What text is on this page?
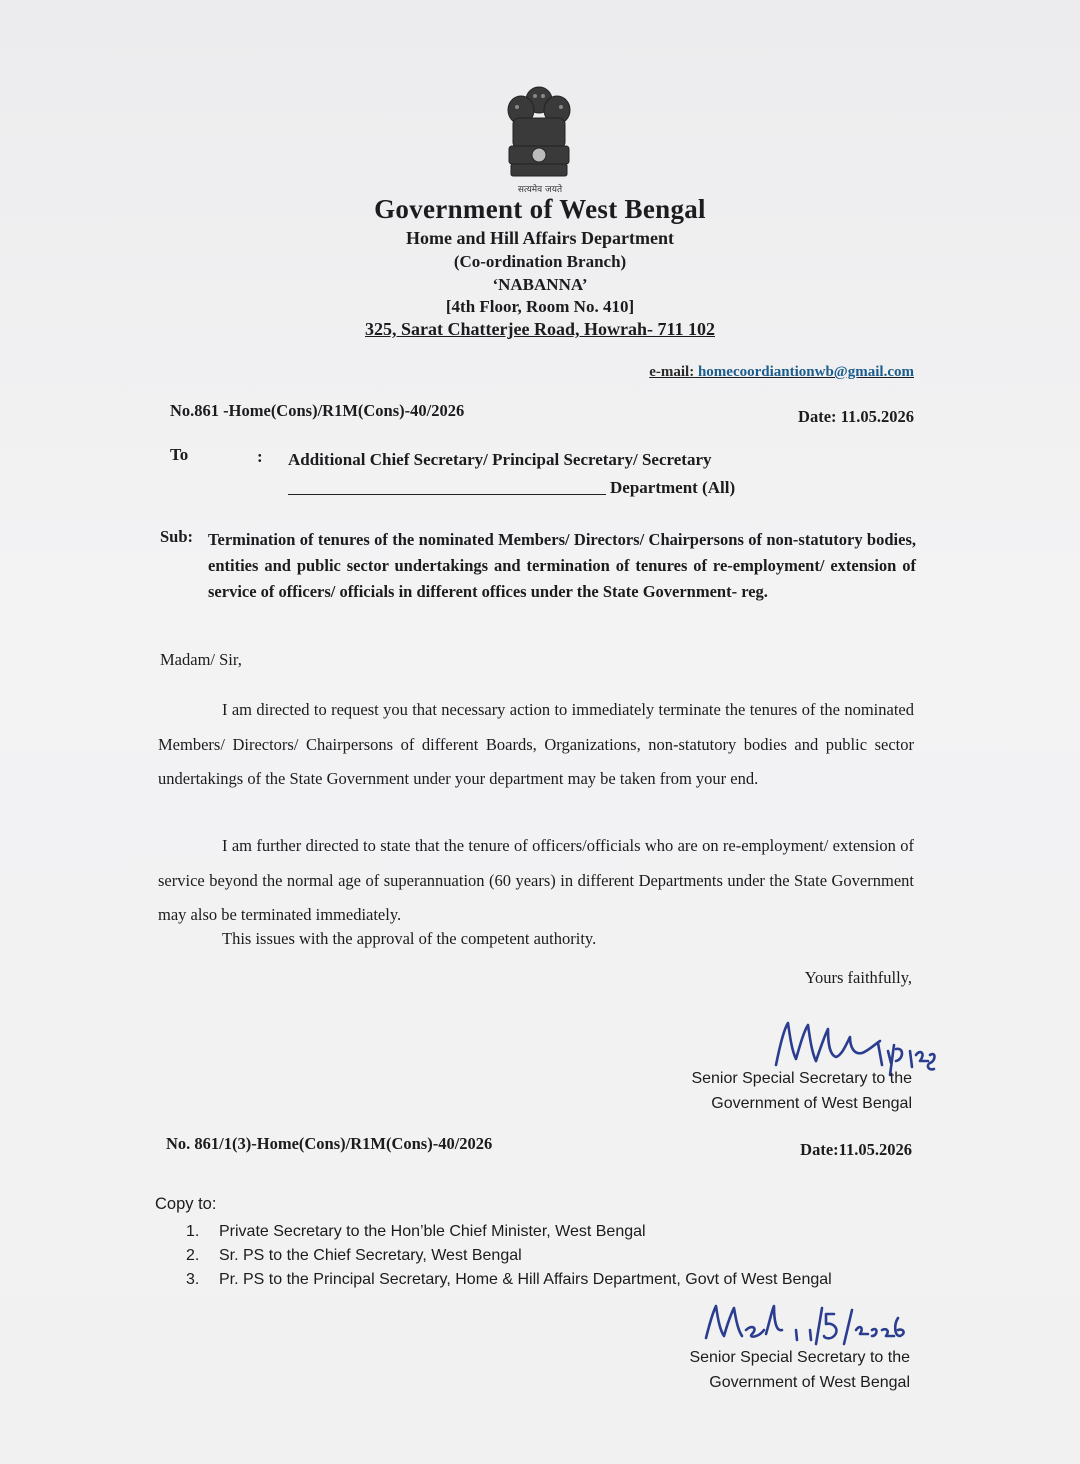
सत्यमेव जयते
Government of West Bengal
Home and Hill Affairs Department
(Co-ordination Branch)
‘NABANNA’
[4th Floor, Room No. 410]
325, Sarat Chatterjee Road, Howrah- 711 102
e-mail: homecoordiantionwb@gmail.com
No.861 -Home(Cons)/R1M(Cons)-40/2026	Date: 11.05.2026
To	: Additional Chief Secretary/ Principal Secretary/ Secretary
Department (All)
Sub: Termination of tenures of the nominated Members/ Directors/ Chairpersons of non-statutory bodies, entities and public sector undertakings and termination of tenures of re-employment/ extension of service of officers/ officials in different offices under the State Government- reg.
Madam/ Sir,
I am directed to request you that necessary action to immediately terminate the tenures of the nominated Members/ Directors/ Chairpersons of different Boards, Organizations, non-statutory bodies and public sector undertakings of the State Government under your department may be taken from your end.
I am further directed to state that the tenure of officers/officials who are on re-employment/ extension of service beyond the normal age of superannuation (60 years) in different Departments under the State Government may also be terminated immediately.
This issues with the approval of the competent authority.
Yours faithfully,
Senior Special Secretary to the
Government of West Bengal
No. 861/1(3)-Home(Cons)/R1M(Cons)-40/2026	Date:11.05.2026
Copy to:
1. Private Secretary to the Hon’ble Chief Minister, West Bengal
2. Sr. PS to the Chief Secretary, West Bengal
3. Pr. PS to the Principal Secretary, Home & Hill Affairs Department, Govt of West Bengal
Senior Special Secretary to the
Government of West Bengal
